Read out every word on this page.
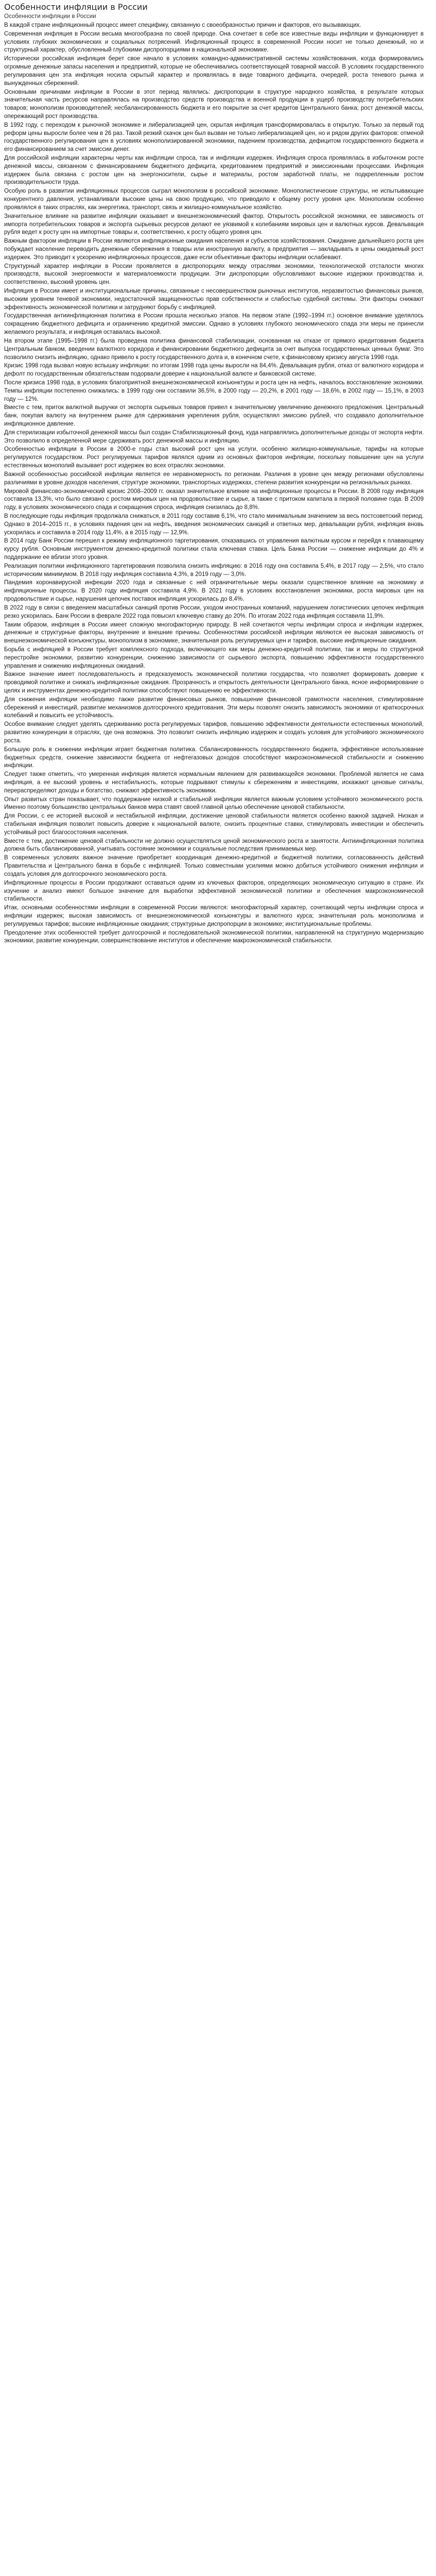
Особенности инфляции в России
Особенности инфляции в России

В каждой стране инфляционный процесс имеет специфику, связанную с своеобразностью причин и факторов, его вызывающих.

Современная инфляция в России весьма многообразна по своей природе. Она сочетает в себе все известные виды инфляции и функционирует в условиях глубоких экономических и социальных потрясений. Инфляционный процесс в современной России носит не только денежный, но и структурный характер, обусловленный глубокими диспропорциями в национальной экономике.

Исторически российская инфляция берет свое начало в условиях командно-административной системы хозяйствования, когда формировались огромные денежные запасы населения и предприятий, которые не обеспечивались соответствующей товарной массой. В условиях государственного регулирования цен эта инфляция носила скрытый характер и проявлялась в виде товарного дефицита, очередей, роста теневого рынка и вынужденных сбережений.

Основными причинами инфляции в России в этот период являлись: диспропорции в структуре народного хозяйства, в результате которых значительная часть ресурсов направлялась на производство средств производства и военной продукции в ущерб производству потребительских товаров; монополизм производителей; несбалансированность бюджета и его покрытие за счет кредитов Центрального банка; рост денежной массы, опережающий рост производства.

В 1992 году, с переходом к рыночной экономике и либерализацией цен, скрытая инфляция трансформировалась в открытую. Только за первый год реформ цены выросли более чем в 26 раз. Такой резкий скачок цен был вызван не только либерализацией цен, но и рядом других факторов: отменой государственного регулирования цен в условиях монополизированной экономики, падением производства, дефицитом государственного бюджета и его финансированием за счет эмиссии денег.

Для российской инфляции характерны черты как инфляции спроса, так и инфляции издержек. Инфляция спроса проявлялась в избыточном росте денежной массы, связанном с финансированием бюджетного дефицита, кредитованием предприятий и эмиссионными процессами. Инфляция издержек была связана с ростом цен на энергоносители, сырье и материалы, ростом заработной платы, не подкрепленным ростом производительности труда.

Особую роль в развитии инфляционных процессов сыграл монополизм в российской экономике. Монополистические структуры, не испытывающие конкурентного давления, устанавливали высокие цены на свою продукцию, что приводило к общему росту уровня цен. Монополизм особенно проявлялся в таких отраслях, как энергетика, транспорт, связь и жилищно-коммунальное хозяйство.

Значительное влияние на развитие инфляции оказывает и внешнеэкономический фактор. Открытость российской экономики, ее зависимость от импорта потребительских товаров и экспорта сырьевых ресурсов делают ее уязвимой к колебаниям мировых цен и валютных курсов. Девальвация рубля ведет к росту цен на импортные товары и, соответственно, к росту общего уровня цен.

Важным фактором инфляции в России являются инфляционные ожидания населения и субъектов хозяйствования. Ожидание дальнейшего роста цен побуждает население переводить денежные сбережения в товары или иностранную валюту, а предприятия — закладывать в цены ожидаемый рост издержек. Это приводит к ускорению инфляционных процессов, даже если объективные факторы инфляции ослабевают.

Структурный характер инфляции в России проявляется в диспропорциях между отраслями экономики, технологической отсталости многих производств, высокой энергоемкости и материалоемкости продукции. Эти диспропорции обусловливают высокие издержки производства и, соответственно, высокий уровень цен.

Инфляция в России имеет и институциональные причины, связанные с несовершенством рыночных институтов, неразвитостью финансовых рынков, высоким уровнем теневой экономики, недостаточной защищенностью прав собственности и слабостью судебной системы. Эти факторы снижают эффективность экономической политики и затрудняют борьбу с инфляцией.

Государственная антиинфляционная политика в России прошла несколько этапов. На первом этапе (1992–1994 гг.) основное внимание уделялось сокращению бюджетного дефицита и ограничению кредитной эмиссии. Однако в условиях глубокого экономического спада эти меры не принесли желаемого результата, и инфляция оставалась высокой.

На втором этапе (1995–1998 гг.) была проведена политика финансовой стабилизации, основанная на отказе от прямого кредитования бюджета Центральным банком, введении валютного коридора и финансировании бюджетного дефицита за счет выпуска государственных ценных бумаг. Это позволило снизить инфляцию, однако привело к росту государственного долга и, в конечном счете, к финансовому кризису августа 1998 года.

Кризис 1998 года вызвал новую вспышку инфляции: по итогам 1998 года цены выросли на 84,4%. Девальвация рубля, отказ от валютного коридора и дефолт по государственным обязательствам подорвали доверие к национальной валюте и банковской системе.

После кризиса 1998 года, в условиях благоприятной внешнеэкономической конъюнктуры и роста цен на нефть, началось восстановление экономики. Темпы инфляции постепенно снижались: в 1999 году они составили 36,5%, в 2000 году — 20,2%, в 2001 году — 18,6%, в 2002 году — 15,1%, в 2003 году — 12%.

Вместе с тем, приток валютной выручки от экспорта сырьевых товаров привел к значительному увеличению денежного предложения. Центральный банк, покупая валюту на внутреннем рынке для сдерживания укрепления рубля, осуществлял эмиссию рублей, что создавало дополнительное инфляционное давление.

Для стерилизации избыточной денежной массы был создан Стабилизационный фонд, куда направлялись дополнительные доходы от экспорта нефти. Это позволило в определенной мере сдерживать рост денежной массы и инфляцию.

Особенностью инфляции в России в 2000-е годы стал высокий рост цен на услуги, особенно жилищно-коммунальные, тарифы на которые регулируются государством. Рост регулируемых тарифов являлся одним из основных факторов инфляции, поскольку повышение цен на услуги естественных монополий вызывает рост издержек во всех отраслях экономики.

Важной особенностью российской инфляции является ее неравномерность по регионам. Различия в уровне цен между регионами обусловлены различиями в уровне доходов населения, структуре экономики, транспортных издержках, степени развития конкуренции на региональных рынках.

Мировой финансово-экономический кризис 2008–2009 гг. оказал значительное влияние на инфляционные процессы в России. В 2008 году инфляция составила 13,3%, что было связано с ростом мировых цен на продовольствие и сырье, а также с притоком капитала в первой половине года. В 2009 году, в условиях экономического спада и сокращения спроса, инфляция снизилась до 8,8%.

В последующие годы инфляция продолжала снижаться, в 2011 году составив 6,1%, что стало минимальным значением за весь постсоветский период. Однако в 2014–2015 гг., в условиях падения цен на нефть, введения экономических санкций и ответных мер, девальвации рубля, инфляция вновь ускорилась и составила в 2014 году 11,4%, а в 2015 году — 12,9%.

В 2014 году Банк России перешел к режиму инфляционного таргетирования, отказавшись от управления валютным курсом и перейдя к плавающему курсу рубля. Основным инструментом денежно-кредитной политики стала ключевая ставка. Цель Банка России — снижение инфляции до 4% и поддержание ее вблизи этого уровня.

Реализация политики инфляционного таргетирования позволила снизить инфляцию: в 2016 году она составила 5,4%, в 2017 году — 2,5%, что стало историческим минимумом. В 2018 году инфляция составила 4,3%, в 2019 году — 3,0%.

Пандемия коронавирусной инфекции 2020 года и связанные с ней ограничительные меры оказали существенное влияние на экономику и инфляционные процессы. В 2020 году инфляция составила 4,9%. В 2021 году в условиях восстановления экономики, роста мировых цен на продовольствие и сырье, нарушения цепочек поставок инфляция ускорилась до 8,4%.

В 2022 году в связи с введением масштабных санкций против России, уходом иностранных компаний, нарушением логистических цепочек инфляция резко ускорилась. Банк России в феврале 2022 года повысил ключевую ставку до 20%. По итогам 2022 года инфляция составила 11,9%.

Таким образом, инфляция в России имеет сложную многофакторную природу. В ней сочетаются черты инфляции спроса и инфляции издержек, денежные и структурные факторы, внутренние и внешние причины. Особенностями российской инфляции являются ее высокая зависимость от внешнеэкономической конъюнктуры, монополизм в экономике, значительная роль регулируемых цен и тарифов, высокие инфляционные ожидания.

Борьба с инфляцией в России требует комплексного подхода, включающего как меры денежно-кредитной политики, так и меры по структурной перестройке экономики, развитию конкуренции, снижению зависимости от сырьевого экспорта, повышению эффективности государственного управления и снижению инфляционных ожиданий.

Важное значение имеет последовательность и предсказуемость экономической политики государства, что позволяет формировать доверие к проводимой политике и снижать инфляционные ожидания. Прозрачность и открытость деятельности Центрального банка, ясное информирование о целях и инструментах денежно-кредитной политики способствуют повышению ее эффективности.

Для снижения инфляции необходимо также развитие финансовых рынков, повышение финансовой грамотности населения, стимулирование сбережений и инвестиций, развитие механизмов долгосрочного кредитования. Эти меры позволят снизить зависимость экономики от краткосрочных колебаний и повысить ее устойчивость.

Особое внимание следует уделять сдерживанию роста регулируемых тарифов, повышению эффективности деятельности естественных монополий, развитию конкуренции в отраслях, где она возможна. Это позволит снизить инфляцию издержек и создать условия для устойчивого экономического роста.

Большую роль в снижении инфляции играет бюджетная политика. Сбалансированность государственного бюджета, эффективное использование бюджетных средств, снижение зависимости бюджета от нефтегазовых доходов способствуют макроэкономической стабильности и снижению инфляции.

Следует также отметить, что умеренная инфляция является нормальным явлением для развивающейся экономики. Проблемой является не сама инфляция, а ее высокий уровень и нестабильность, которые подрывают стимулы к сбережениям и инвестициям, искажают ценовые сигналы, перераспределяют доходы и богатство, снижают эффективность экономики.

Опыт развитых стран показывает, что поддержание низкой и стабильной инфляции является важным условием устойчивого экономического роста. Именно поэтому большинство центральных банков мира ставят своей главной целью обеспечение ценовой стабильности.

Для России, с ее историей высокой и нестабильной инфляции, достижение ценовой стабильности является особенно важной задачей. Низкая и стабильная инфляция позволит повысить доверие к национальной валюте, снизить процентные ставки, стимулировать инвестиции и обеспечить устойчивый рост благосостояния населения.

Вместе с тем, достижение ценовой стабильности не должно осуществляться ценой экономического роста и занятости. Антиинфляционная политика должна быть сбалансированной, учитывать состояние экономики и социальные последствия принимаемых мер.

В современных условиях важное значение приобретает координация денежно-кредитной и бюджетной политики, согласованность действий Правительства и Центрального банка в борьбе с инфляцией. Только совместными усилиями можно добиться устойчивого снижения инфляции и создать условия для долгосрочного экономического роста.

Инфляционные процессы в России продолжают оставаться одним из ключевых факторов, определяющих экономическую ситуацию в стране. Их изучение и анализ имеют большое значение для выработки эффективной экономической политики и обеспечения макроэкономической стабильности.

Итак, основными особенностями инфляции в современной России являются: многофакторный характер, сочетающий черты инфляции спроса и инфляции издержек; высокая зависимость от внешнеэкономической конъюнктуры и валютного курса; значительная роль монополизма и регулируемых тарифов; высокие инфляционные ожидания; структурные диспропорции в экономике; институциональные проблемы.

Преодоление этих особенностей требует долгосрочной и последовательной экономической политики, направленной на структурную модернизацию экономики, развитие конкуренции, совершенствование институтов и обеспечение макроэкономической стабильности.
